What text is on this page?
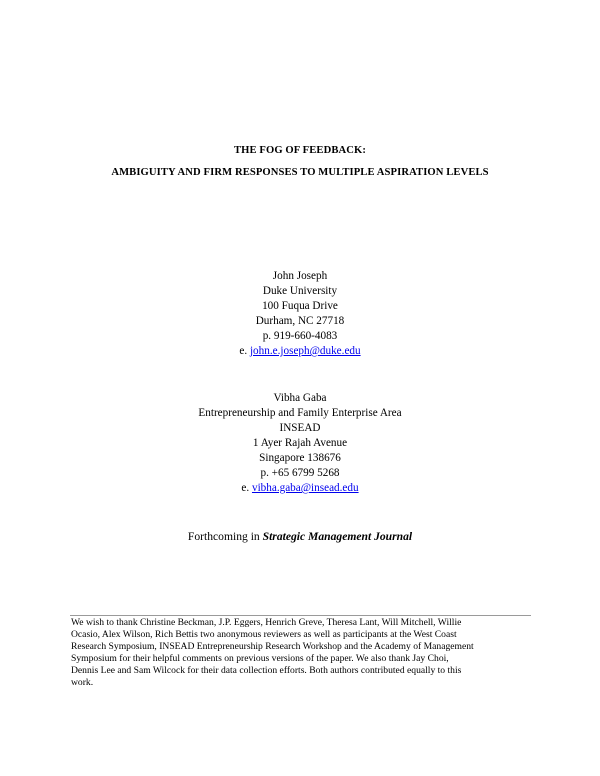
THE FOG OF FEEDBACK:
AMBIGUITY AND FIRM RESPONSES TO MULTIPLE ASPIRATION LEVELS
John Joseph
Duke University
100 Fuqua Drive
Durham, NC 27718
p. 919-660-4083
e. john.e.joseph@duke.edu
Vibha Gaba
Entrepreneurship and Family Enterprise Area
INSEAD
1 Ayer Rajah Avenue
Singapore 138676
p. +65 6799 5268
e. vibha.gaba@insead.edu
Forthcoming in Strategic Management Journal
We wish to thank Christine Beckman, J.P. Eggers, Henrich Greve, Theresa Lant, Will Mitchell, Willie
Ocasio, Alex Wilson, Rich Bettis two anonymous reviewers as well as participants at the West Coast
Research Symposium, INSEAD Entrepreneurship Research Workshop and the Academy of Management
Symposium for their helpful comments on previous versions of the paper. We also thank Jay Choi,
Dennis Lee and Sam Wilcock for their data collection efforts. Both authors contributed equally to this
work.
